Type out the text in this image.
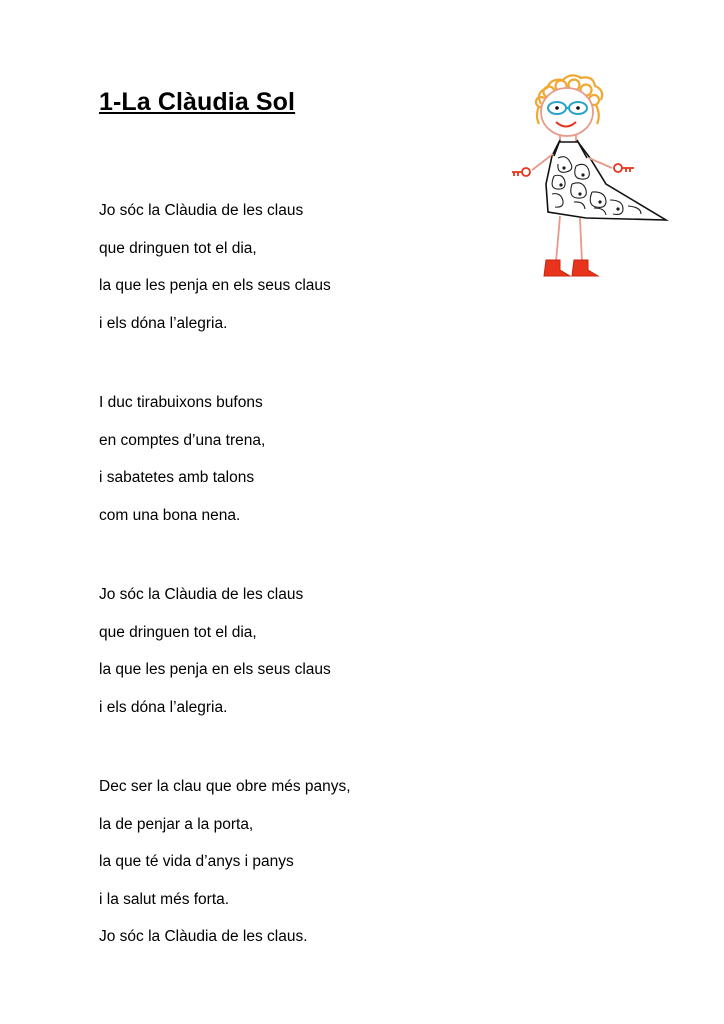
1-La Clàudia Sol
Jo sóc la Clàudia de les claus
que dringuen tot el dia,
la que les penja en els seus claus
i els dóna l’alegria.
I duc tirabuixons bufons
en comptes d’una trena,
i sabatetes amb talons
com una bona nena.
Jo sóc la Clàudia de les claus
que dringuen tot el dia,
la que les penja en els seus claus
i els dóna l’alegria.
Dec ser la clau que obre més panys,
la de penjar a la porta,
la que té vida d’anys i panys
i la salut més forta.
Jo sóc la Clàudia de les claus.
